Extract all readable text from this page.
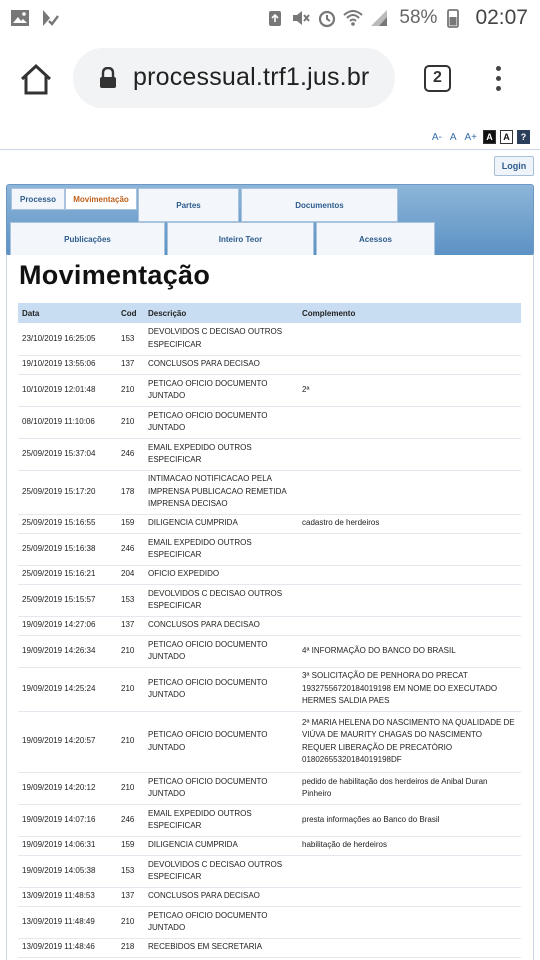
58% 02:07
processual.trf1.jus.br	2
A- A A+	A	A	?
Login
Processo	Movimentação
Partes	Documentos
Publicações	Inteiro Teor	Acessos
Movimentação
Data	Cod	Descrição	Complemento
23/10/2019 16:25:05	153	DEVOLVIDOS C DECISAO OUTROS ESPECIFICAR	
19/10/2019 13:55:06	137	CONCLUSOS PARA DECISAO	
10/10/2019 12:01:48	210	PETICAO OFICIO DOCUMENTO JUNTADO	2ª
08/10/2019 11:10:06	210	PETICAO OFICIO DOCUMENTO JUNTADO	
25/09/2019 15:37:04	246	EMAIL EXPEDIDO OUTROS ESPECIFICAR	
25/09/2019 15:17:20	178	INTIMACAO NOTIFICACAO PELA IMPRENSA PUBLICACAO REMETIDA IMPRENSA DECISAO	
25/09/2019 15:16:55	159	DILIGENCIA CUMPRIDA	cadastro de herdeiros
25/09/2019 15:16:38	246	EMAIL EXPEDIDO OUTROS ESPECIFICAR	
25/09/2019 15:16:21	204	OFICIO EXPEDIDO	
25/09/2019 15:15:57	153	DEVOLVIDOS C DECISAO OUTROS ESPECIFICAR	
19/09/2019 14:27:06	137	CONCLUSOS PARA DECISAO	
19/09/2019 14:26:34	210	PETICAO OFICIO DOCUMENTO JUNTADO	4ª INFORMAÇÃO DO BANCO DO BRASIL
19/09/2019 14:25:24	210	PETICAO OFICIO DOCUMENTO JUNTADO	3ª SOLICITAÇÃO DE PENHORA DO PRECAT 19327556720184019198 EM NOME DO EXECUTADO HERMES SALDIA PAES
19/09/2019 14:20:57	210	PETICAO OFICIO DOCUMENTO JUNTADO	2ª MARIA HELENA DO NASCIMENTO NA QUALIDADE DE VIÚVA DE MAURITY CHAGAS DO NASCIMENTO REQUER LIBERAÇÃO DE PRECATÓRIO 01802655320184019198DF
19/09/2019 14:20:12	210	PETICAO OFICIO DOCUMENTO JUNTADO	pedido de habilitação dos herdeiros de Anibal Duran Pinheiro
19/09/2019 14:07:16	246	EMAIL EXPEDIDO OUTROS ESPECIFICAR	presta informações ao Banco do Brasil
19/09/2019 14:06:31	159	DILIGENCIA CUMPRIDA	habilitação de herdeiros
19/09/2019 14:05:38	153	DEVOLVIDOS C DECISAO OUTROS ESPECIFICAR	
13/09/2019 11:48:53	137	CONCLUSOS PARA DECISAO	
13/09/2019 11:48:49	210	PETICAO OFICIO DOCUMENTO JUNTADO	
13/09/2019 11:48:46	218	RECEBIDOS EM SECRETARIA	
